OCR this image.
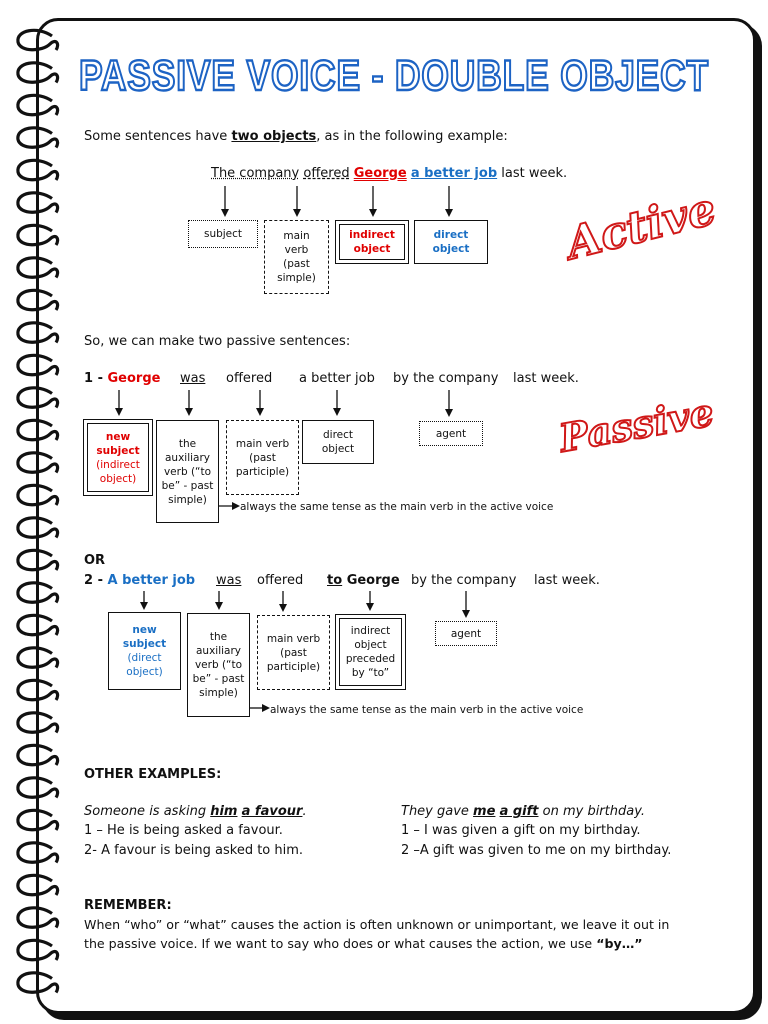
PASSIVE VOICE - DOUBLE OBJECT
Some sentences have two objects, as in the following example:
The company offered George a better job last week.
subject	main verb (past simple)
indirect object
direct object Active
So, we can make two passive sentences:
1 - George was offered a better job by the company last week.
Passive
new subject
(indirect object)
the auxiliary verb (“to be” - past simple)
main verb (past participle)
direct object
agent
always the same tense as the main verb in the active voice
OR
2 - A better job was offered to George by the company last week.
new subject
(direct object)
the auxiliary verb (“to be” - past simple)
main verb (past participle)
indirect object preceded by “to”
agent
always the same tense as the main verb in the active voice
OTHER EXAMPLES:
Someone is asking him a favour.
1 – He is being asked a favour.
2- A favour is being asked to him.
They gave me a gift on my birthday.
1 – I was given a gift on my birthday.
2 –A gift was given to me on my birthday.
REMEMBER:
When “who” or “what” causes the action is often unknown or unimportant, we leave it out in
the passive voice. If we want to say who does or what causes the action, we use “by…”
